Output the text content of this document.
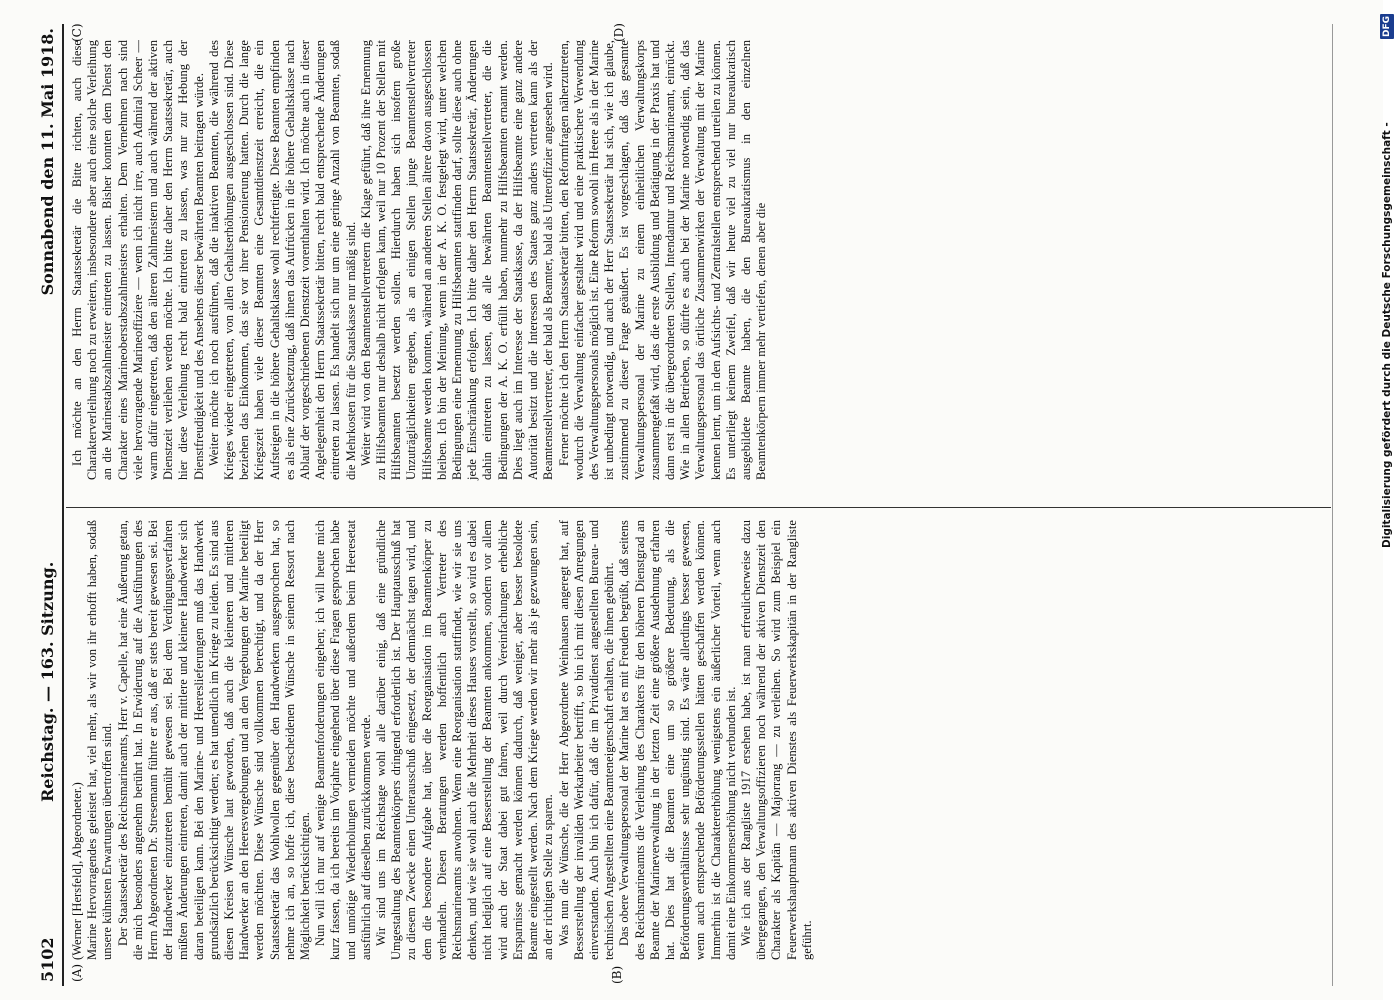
5102
Reichstag. — 163. Sitzung.
Sonnabend den 11. Mai 1918.
(A)	(B)
(C)	(D)

(Werner [Hersfeld], Abgeordneter.) Marine Hervorragendes geleistet hat, viel mehr, als wir von ihr erhofft haben, sodaß unsere kühnsten Erwartungen übertroffen sind. Der Staatssekretär des Reichsmarineamts, Herr v. Capelle, hat eine Äußerung getan, die mich besonders angenehm berührt hat. In Erwiderung auf die Ausführungen des Herrn Abgeordneten Dr. Stresemann führte er aus, daß er stets bereit gewesen sei. Bei der Handwerker einzutreten bemüht gewesen sei. Bei dem Verdingungsverfahren müßten Änderungen eintreten, damit auch der mittlere und kleinere Handwerker sich daran beteiligen kann. Bei den Marine- und Heereslieferungen muß das Handwerk grundsätzlich berücksichtigt werden; es hat unendlich im Kriege zu leiden. Es sind aus diesen Kreisen Wünsche laut geworden, daß auch die kleineren und mittleren Handwerker an den Heeresvergebungen und an den Vergebungen der Marine beteiligt werden möchten. Diese Wünsche sind vollkommen berechtigt, und da der Herr Staatssekretär das Wohlwollen gegenüber den Handwerkern ausgesprochen hat, so nehme ich an, so hoffe ich, diese bescheidenen Wünsche in seinem Ressort nach Möglichkeit berücksichtigen. Nun will ich nur auf wenige Beamtenforderungen eingehen; ich will heute mich kurz fassen, da ich bereits im Vorjahre eingehend über diese Fragen gesprochen habe und unnötige Wiederholungen vermeiden möchte und außerdem beim Heeresetat ausführlich auf dieselben zurückkommen werde. Wir sind uns im Reichstage wohl alle darüber einig, daß eine gründliche Umgestaltung des Beamtenkörpers dringend erforderlich ist. Der Hauptausschuß hat zu diesem Zwecke einen Unterausschuß eingesetzt, der demnächst tagen wird, und dem die besondere Aufgabe hat, über die Reorganisation im Beamtenkörper zu verhandeln. Diesen Beratungen werden hoffentlich auch Vertreter des Reichsmarineamts anwohnen. Wenn eine Reorganisation stattfindet, wie wir sie uns denken, und wie sie wohl auch die Mehrheit dieses Hauses vorstellt, so wird es dabei nicht lediglich auf eine Besserstellung der Beamten ankommen, sondern vor allem wird auch der Staat dabei gut fahren, weil durch Vereinfachungen erhebliche Ersparnisse gemacht werden können dadurch, daß weniger, aber besser besoldete Beamte eingestellt werden. Nach dem Kriege werden wir mehr als je gezwungen sein, an der richtigen Stelle zu sparen. Was nun die Wünsche, die der Herr Abgeordnete Weinhausen angeregt hat, auf Besserstellung der invaliden Werkarbeiter betrifft, so bin ich mit diesen Anregungen einverstanden. Auch bin ich dafür, daß die im Privatdienst angestellten Bureau- und technischen Angestellten eine Beamteneigenschaft erhalten, die ihnen gebührt. Das obere Verwaltungspersonal der Marine hat es mit Freuden begrüßt, daß seitens des Reichsmarineamts die Verleihung des Charakters für den höheren Dienstgrad an Beamte der Marineverwaltung in der letzten Zeit eine größere Ausdehnung erfahren hat. Dies hat die Beamten eine um so größere Bedeutung, als die Beförderungsverhältnisse sehr ungünstig sind. Es wäre allerdings besser gewesen, wenn auch entsprechende Beförderungsstellen hätten geschaffen werden können. Immerhin ist die Charaktererhöhung wenigstens ein äußerlicher Vorteil, wenn auch damit eine Einkommenserhöhung nicht verbunden ist. Wie ich aus der Rangliste 1917 ersehen habe, ist man erfreulicherweise dazu übergegangen, den Verwaltungsoffizieren noch während der aktiven Dienstzeit den Charakter als Kapitän — Majorrang — zu verleihen. So wird zum Beispiel ein Feuerwerkshauptmann des aktiven Dienstes als Feuerwerkskapitän in der Rangliste geführt.

Ich möchte an den Herrn Staatssekretär die Bitte richten, auch diese Charakterverleihung noch zu erweitern, insbesondere aber auch eine solche Verleihung an die Marinestabszahlmeister eintreten zu lassen. Bisher konnten dem Dienst den Charakter eines Marineoberstabszahlmeisters erhalten. Dem Vernehmen nach sind viele hervorragende Marineoffiziere — wenn ich nicht irre, auch Admiral Scheer — warm dafür eingetreten, daß den älteren Zahlmeistern und auch während der aktiven Dienstzeit verliehen werden möchte. Ich bitte daher den Herrn Staatssekretär, auch hier diese Verleihung recht bald eintreten zu lassen, was nur zur Hebung der Dienstfreudigkeit und des Ansehens dieser bewährten Beamten beitragen würde. Weiter möchte ich noch ausführen, daß die inaktiven Beamten, die während des Krieges wieder eingetreten, von allen Gehaltserhöhungen ausgeschlossen sind. Diese beziehen das Einkommen, das sie vor ihrer Pensionierung hatten. Durch die lange Kriegszeit haben viele dieser Beamten eine Gesamtdienstzeit erreicht, die ein Aufsteigen in die höhere Gehaltsklasse wohl rechtfertigte. Diese Beamten empfinden es als eine Zurücksetzung, daß ihnen das Aufrücken in die höhere Gehaltsklasse nach Ablauf der vorgeschriebenen Dienstzeit vorenthalten wird. Ich möchte auch in dieser Angelegenheit den Herrn Staatssekretär bitten, recht bald entsprechende Änderungen eintreten zu lassen. Es handelt sich nur um eine geringe Anzahl von Beamten, sodaß die Mehrkosten für die Staatskasse nur mäßig sind. Weiter wird von den Beamtenstellvertretern die Klage geführt, daß ihre Ernennung zu Hilfsbeamten nur deshalb nicht erfolgen kann, weil nur 10 Prozent der Stellen mit Hilfsbeamten besetzt werden sollen. Hierdurch haben sich insofern große Unzuträglichkeiten ergeben, als an einigen Stellen junge Beamtenstellvertreter Hilfsbeamte werden konnten, während an anderen Stellen ältere davon ausgeschlossen bleiben. Ich bin der Meinung, wenn in der A. K. O. festgelegt wird, unter welchen Bedingungen eine Ernennung zu Hilfsbeamten stattfinden darf, sollte diese auch ohne jede Einschränkung erfolgen. Ich bitte daher den Herrn Staatssekretär, Änderungen dahin eintreten zu lassen, daß alle bewährten Beamtenstellvertreter, die die Bedingungen der A. K. O. erfüllt haben, nunmehr zu Hilfsbeamten ernannt werden. Dies liegt auch im Interesse der Staatskasse, da der Hilfsbeamte eine ganz andere Autorität besitzt und die Interessen des Staates ganz anders vertreten kann als der Beamtenstellvertreter, der bald als Beamter, bald als Unteroffizier angesehen wird. Ferner möchte ich den Herrn Staatssekretär bitten, den Reformfragen näherzutreten, wodurch die Verwaltung einfacher gestaltet wird und eine praktischere Verwendung des Verwaltungspersonals möglich ist. Eine Reform sowohl im Heere als in der Marine ist unbedingt notwendig, und auch der Herr Staatssekretär hat sich, wie ich glaube, zustimmend zu dieser Frage geäußert. Es ist vorgeschlagen, daß das gesamte Verwaltungspersonal der Marine zu einem einheitlichen Verwaltungskorps zusammengefaßt wird, das die erste Ausbildung und Betätigung in der Praxis hat und dann erst in die übergeordneten Stellen, Intendantur und Reichsmarineamt, einrückt. Wie in allen Betrieben, so dürfte es auch bei der Marine notwendig sein, daß das Verwaltungspersonal das örtliche Zusammenwirken der Verwaltung mit der Marine kennen lernt, um in den Aufsichts- und Zentralstellen entsprechend urteilen zu können. Es unterliegt keinem Zweifel, daß wir heute viel zu viel nur bureaukratisch ausgebildete Beamte haben, die den Bureaukratismus in den einzelnen Beamtenkörpern immer mehr vertiefen, denen aber die	Digitalisierung gefördert durch die Deutsche Forschungsgemeinschaft -
DFG
